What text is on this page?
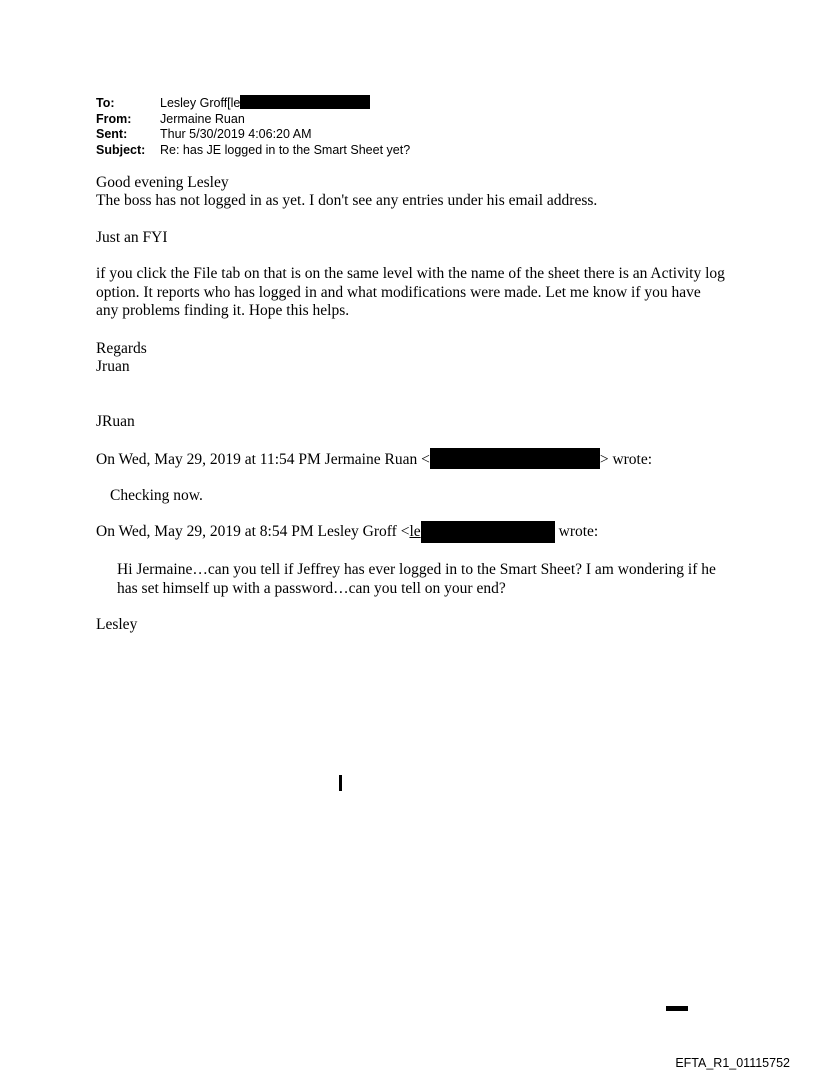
To:	Lesley Groff[le
From:	Jermaine Ruan
Sent:	Thur 5/30/2019 4:06:20 AM
Subject:	Re: has JE logged in to the Smart Sheet yet?
Good evening Lesley
The boss has not logged in as yet. I don't see any entries under his email address.
Just an FYI
if you click the File tab on that is on the same level with the name of the sheet there is an Activity log option. It reports who has logged in and what modifications were made. Let me know if you have any problems finding it. Hope this helps.
Regards
Jruan
JRuan
On Wed, May 29, 2019 at 11:54 PM Jermaine Ruan <	> wrote:
Checking now.
On Wed, May 29, 2019 at 8:54 PM Lesley Groff <le	wrote:
Hi Jermaine…can you tell if Jeffrey has ever logged in to the Smart Sheet? I am wondering if he has set himself up with a password…can you tell on your end?
Lesley
EFTA_R1_01115752
